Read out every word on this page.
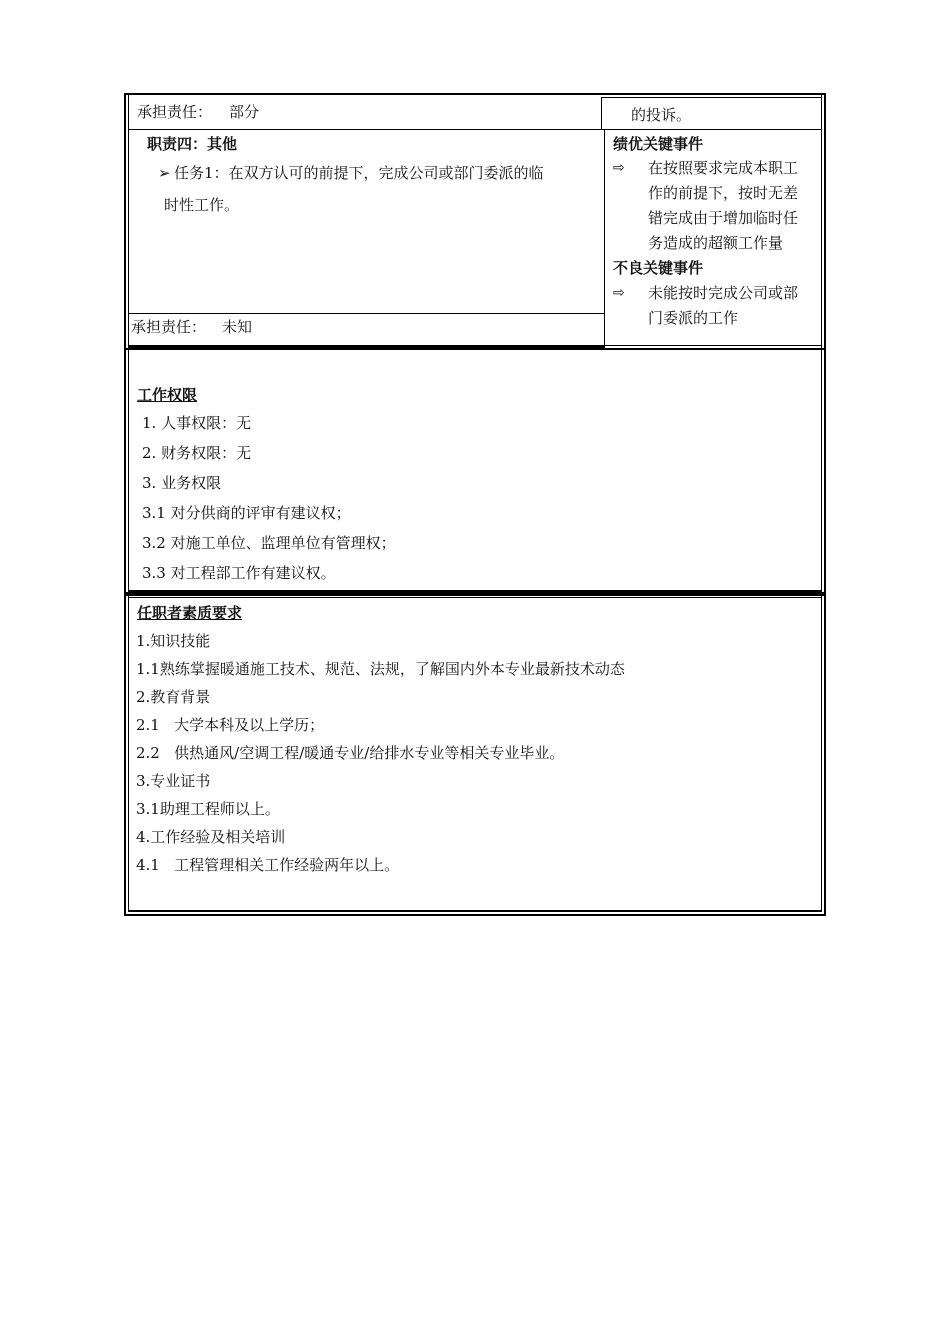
承担责任： 部分	的投诉。
职责四：其他
➢ 任务1：在双方认可的前提下，完成公司或部门委派的临
时性工作。
承担责任： 未知
绩优关键事件
⇨ 在按照要求完成本职工
作的前提下，按时无差
错完成由于增加临时任
务造成的超额工作量
不良关键事件
⇨ 未能按时完成公司或部
门委派的工作
工作权限
1. 人事权限：无
2. 财务权限：无
3. 业务权限
3.1 对分供商的评审有建议权；
3.2 对施工单位、监理单位有管理权；
3.3 对工程部工作有建议权。
任职者素质要求
1.知识技能
1.1熟练掌握暖通施工技术、规范、法规，了解国内外本专业最新技术动态
2.教育背景
2.1   大学本科及以上学历；
2.2   供热通风/空调工程/暖通专业/给排水专业等相关专业毕业。
3.专业证书
3.1助理工程师以上。
4.工作经验及相关培训
4.1   工程管理相关工作经验两年以上。
